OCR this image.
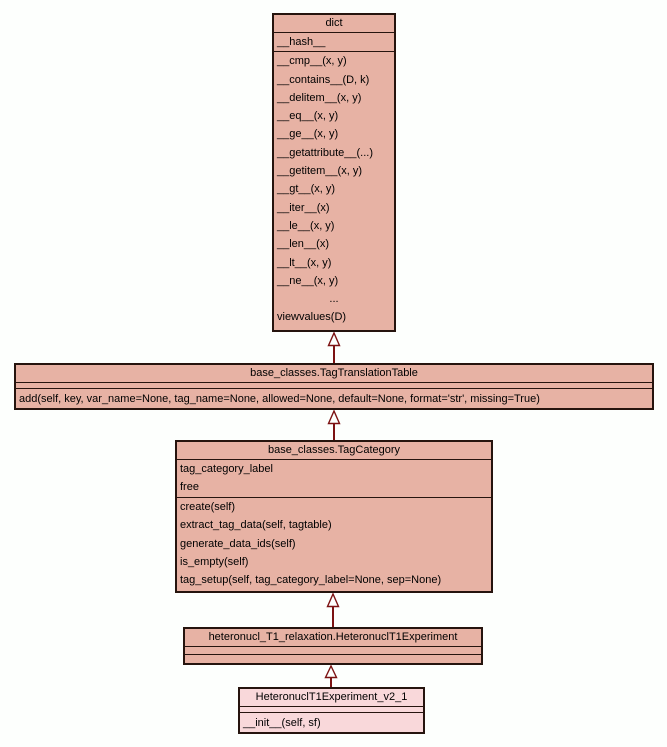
dict
__hash__
__cmp__(x, y)
__contains__(D, k)
__delitem__(x, y)
__eq__(x, y)
__ge__(x, y)
__getattribute__(...)
__getitem__(x, y)
__gt__(x, y)
__iter__(x)
__le__(x, y)
__len__(x)
__lt__(x, y)
__ne__(x, y)
...
viewvalues(D)
base_classes.TagTranslationTable
add(self, key, var_name=None, tag_name=None, allowed=None, default=None, format='str', missing=True)
base_classes.TagCategory
tag_category_label
free
create(self)
extract_tag_data(self, tagtable)
generate_data_ids(self)
is_empty(self)
tag_setup(self, tag_category_label=None, sep=None)
heteronucl_T1_relaxation.HeteronuclT1Experiment
HeteronuclT1Experiment_v2_1
__init__(self, sf)
